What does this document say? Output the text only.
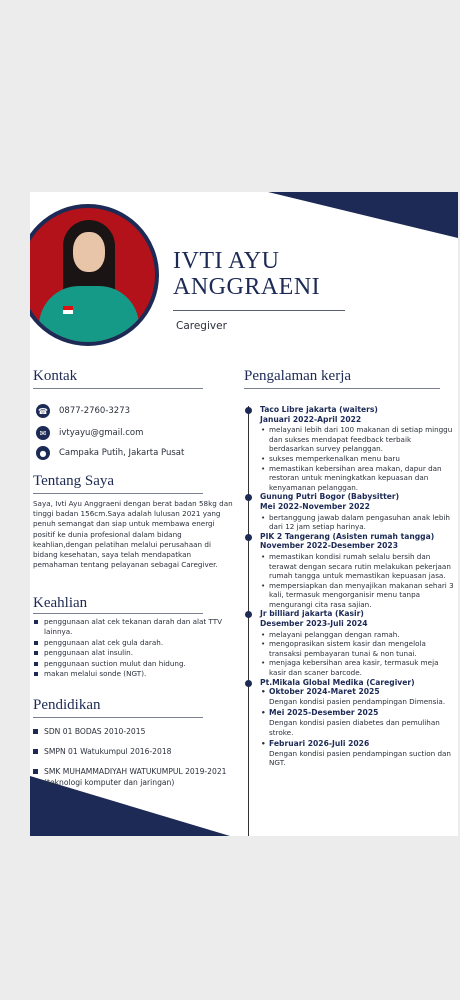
IVTI AYU
ANGGRAENI
Caregiver
Kontak
☎ 0877-2760-3273
✉	ivtyayu@gmail.com
●	Campaka Putih, Jakarta Pusat
Tentang Saya
Saya, Ivti Ayu Anggraeni dengan berat badan 58kg dan tinggi badan 156cm.Saya adalah lulusan 2021 yang penuh semangat dan siap untuk membawa energi positif ke dunia profesional dalam bidang keahlian,dengan pelatihan melalui perusahaan di bidang kesehatan, saya telah mendapatkan pemahaman tentang pelayanan sebagai Caregiver.
Keahlian
penggunaan alat cek tekanan darah dan alat TTV lainnya.
penggunaan alat cek gula darah.
penggunaan alat insulin.
penggunaan suction mulut dan hidung.
makan melalui sonde (NGT).
Pendidikan
SDN 01 BODAS 2010-2015
SMPN 01 Watukumpul 2016-2018
SMK MUHAMMADIYAH WATUKUMPUL 2019-2021 (teknologi komputer dan jaringan)
Pengalaman kerja
Taco Libre jakarta (waiters)
Januari 2022-April 2022
• melayani lebih dari 100 makanan di setiap minggu dan sukses mendapat feedback terbaik berdasarkan survey pelanggan.
• sukses memperkenalkan menu baru
• memastikan kebersihan area makan, dapur dan restoran untuk meningkatkan kepuasan dan kenyamanan pelanggan.
Gunung Putri Bogor (Babysitter)
Mei 2022-November 2022
• bertanggung jawab dalam pengasuhan anak lebih dari 12 jam setiap harinya.
PIK 2 Tangerang (Asisten rumah tangga)
November 2022-Desember 2023
• memastikan kondisi rumah selalu bersih dan terawat dengan secara rutin melakukan pekerjaan rumah tangga untuk memastikan kepuasan jasa.
• mempersiapkan dan menyajikan makanan sehari 3 kali, termasuk mengorganisir menu tanpa mengurangi cita rasa sajian.
Jr billiard jakarta (Kasir)
Desember 2023-Juli 2024
• melayani pelanggan dengan ramah.
• mengoprasikan sistem kasir dan mengelola transaksi pembayaran tunai & non tunai.
• menjaga kebersihan area kasir, termasuk meja kasir dan scaner barcode.
Pt.Mikala Global Medika (Caregiver)
• Oktober 2024-Maret 2025
Dengan kondisi pasien pendampingan Dimensia.
• Mei 2025-Desember 2025
Dengan kondisi pasien diabetes dan pemulihan stroke.
• Februari 2026-Juli 2026
Dengan kondisi pasien pendampingan suction dan NGT.
